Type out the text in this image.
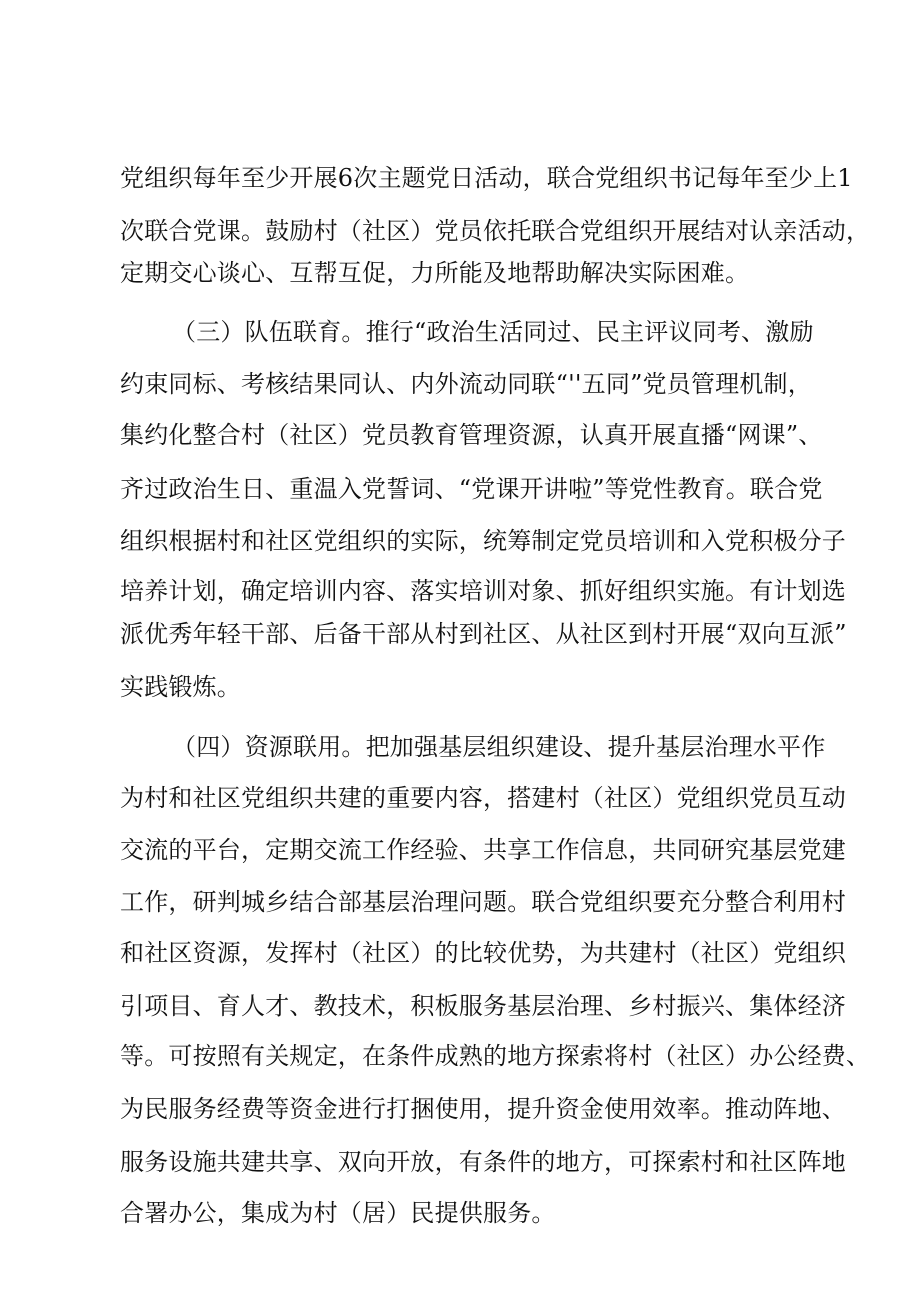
党组织每年至少开展6次主题党日活动，联合党组织书记每年至少上1
次联合党课。鼓励村（社区）党员依托联合党组织开展结对认亲活动，
定期交心谈心、互帮互促，力所能及地帮助解决实际困难。
（三）队伍联育。推行“政治生活同过、民主评议同考、激励
约束同标、考核结果同认、内外流动同联“''五同”党员管理机制，
集约化整合村（社区）党员教育管理资源，认真开展直播“网课”、
齐过政治生日、重温入党誓词、“党课开讲啦”等党性教育。联合党
组织根据村和社区党组织的实际，统筹制定党员培训和入党积极分子
培养计划，确定培训内容、落实培训对象、抓好组织实施。有计划选
派优秀年轻干部、后备干部从村到社区、从社区到村开展“双向互派”
实践锻炼。
（四）资源联用。把加强基层组织建设、提升基层治理水平作
为村和社区党组织共建的重要内容，搭建村（社区）党组织党员互动
交流的平台，定期交流工作经验、共享工作信息，共同研究基层党建
工作，研判城乡结合部基层治理问题。联合党组织要充分整合利用村
和社区资源，发挥村（社区）的比较优势，为共建村（社区）党组织
引项目、育人才、教技术，积板服务基层治理、乡村振兴、集体经济
等。可按照有关规定，在条件成熟的地方探索将村（社区）办公经费、
为民服务经费等资金进行打捆使用，提升资金使用效率。推动阵地、
服务设施共建共享、双向开放，有条件的地方，可探索村和社区阵地
合署办公，集成为村（居）民提供服务。
